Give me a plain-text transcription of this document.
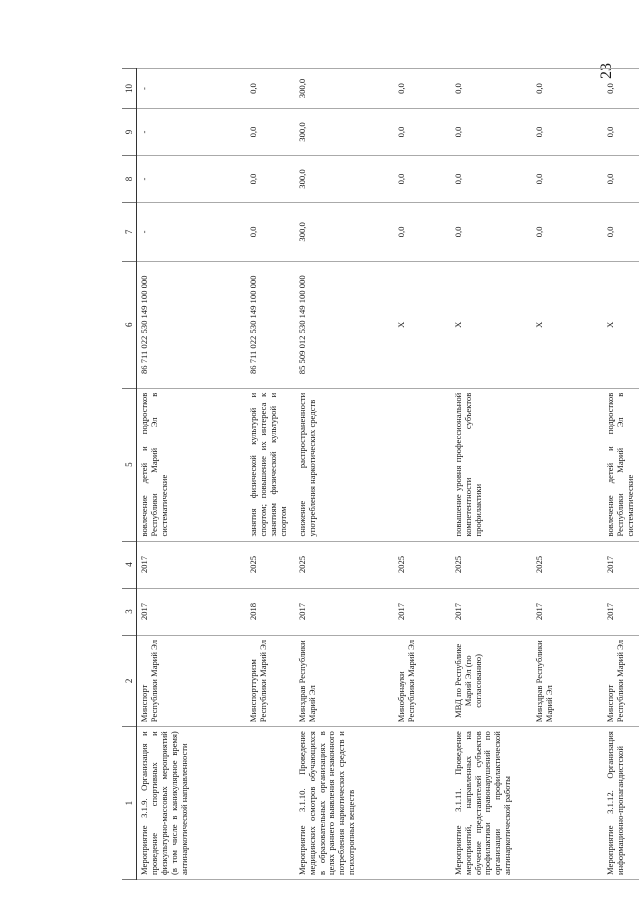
23
1	2	3	4	5	6	7	8	9	10
Мероприятие 3.1.9. Организация и проведение спортивных и физкультурно-массовых мероприятий (в том числе в каникулярное время) антинаркотической направленности	Минспорт Республики Марий Эл	2017	2017	вовлечение детей и подростков Республики Марий Эл в систематические	86 711 022 530 149 100 000	-	-	-	-
	Минспорттуризм Республики Марий Эл	2018	2025	занятия физической культурой и спортом; повышение их интереса к занятиям физической культурой и спортом	86 711 022 530 149 100 000	0,0	0,0	0,0	0,0
Мероприятие 3.1.10. Проведение медицинских осмотров обучающихся в образовательных организациях в целях раннего выявления незаконного потребления наркотических средств и психотропных веществ	Минздрав Республики Марий Эл	2017	2025	снижение распространенности употребления наркотических средств	85 509 012 530 149 100 000	300,0	300,0	300,0	300,0
	Минобрнауки Республики Марий Эл	2017	2025		X	0,0	0,0	0,0	0,0
Мероприятие 3.1.11. Проведение мероприятий, направленных на обучение представителей субъектов профилактики правонарушений по организации профилактической антинаркотической работы	МВД по Республике Марий Эл (по согласованию)	2017	2025	повышение уровня профессиональной компетентности субъектов профилактики	X	0,0	0,0	0,0	0,0
	Минздрав Республики Марий Эл	2017	2025		X	0,0	0,0	0,0	0,0
Мероприятие 3.1.12. Организация информационно-пропагандистской	Минспорт Республики Марий Эл	2017	2017	вовлечение детей и подростков Республики Марий Эл в систематические	X	0,0	0,0	0,0	0,0
